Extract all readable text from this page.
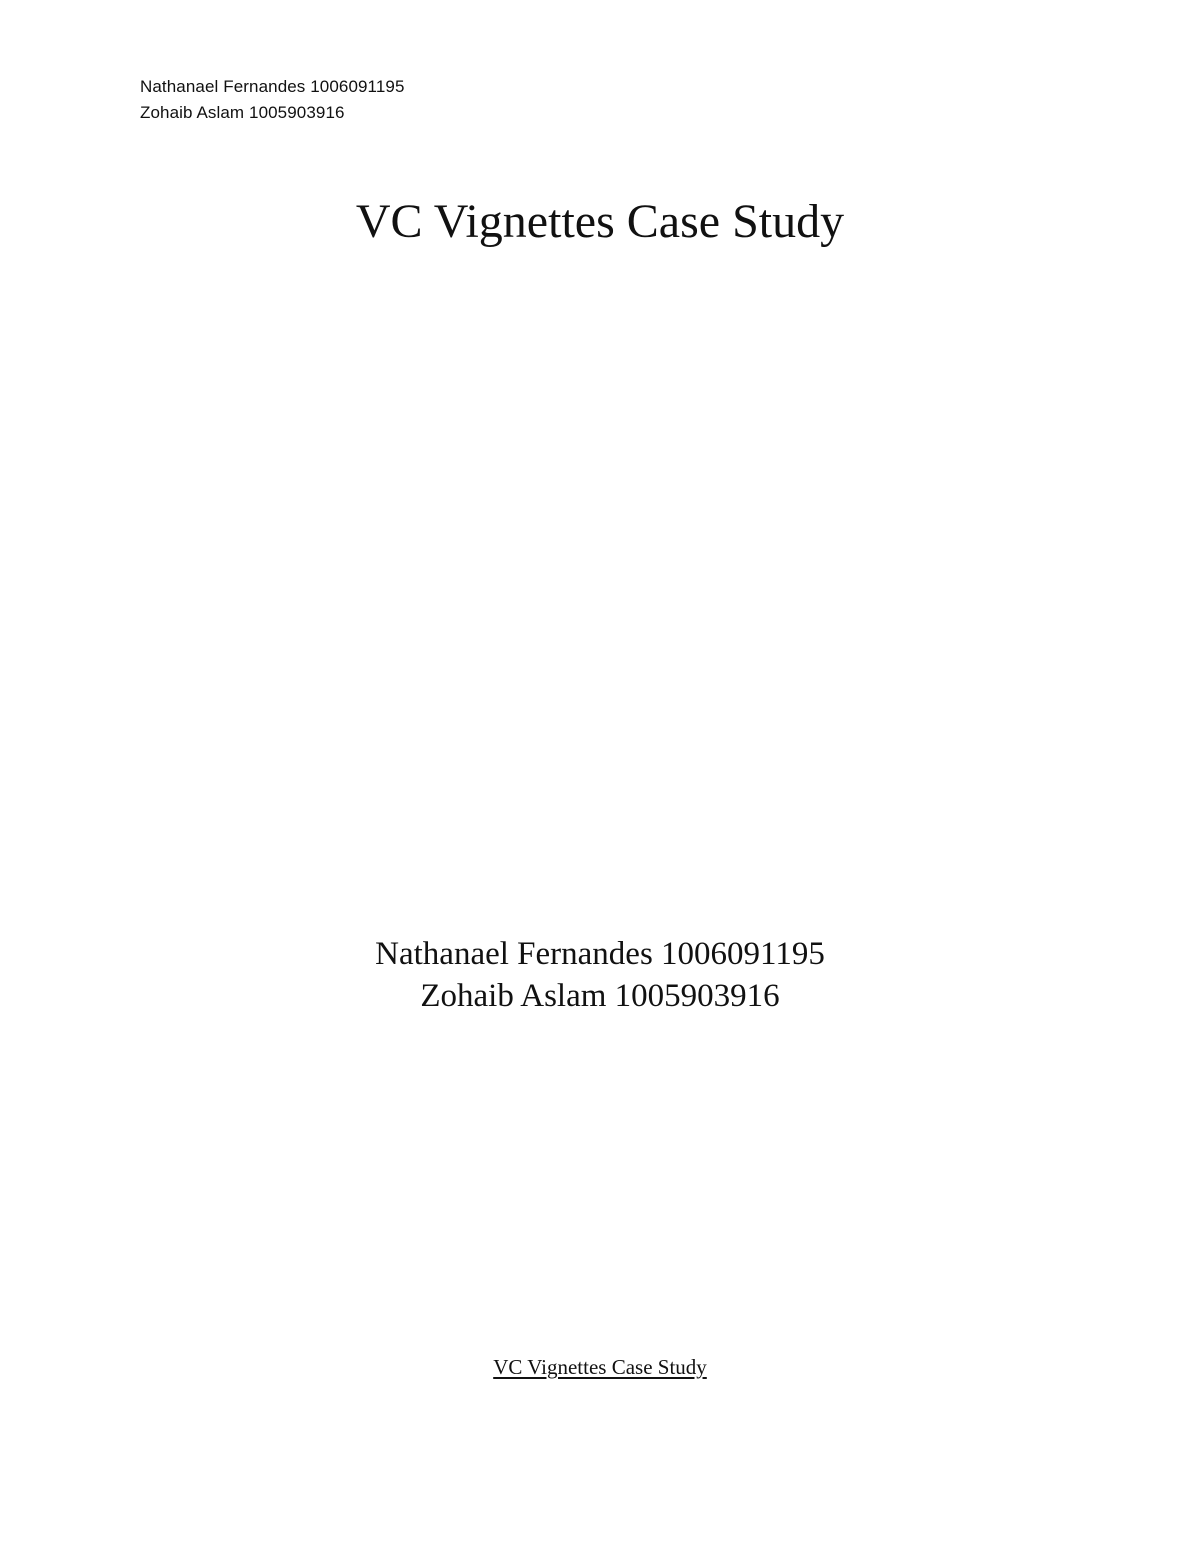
Nathanael Fernandes 1006091195
Zohaib Aslam 1005903916
VC Vignettes Case Study
Nathanael Fernandes 1006091195
Zohaib Aslam 1005903916
VC Vignettes Case Study
